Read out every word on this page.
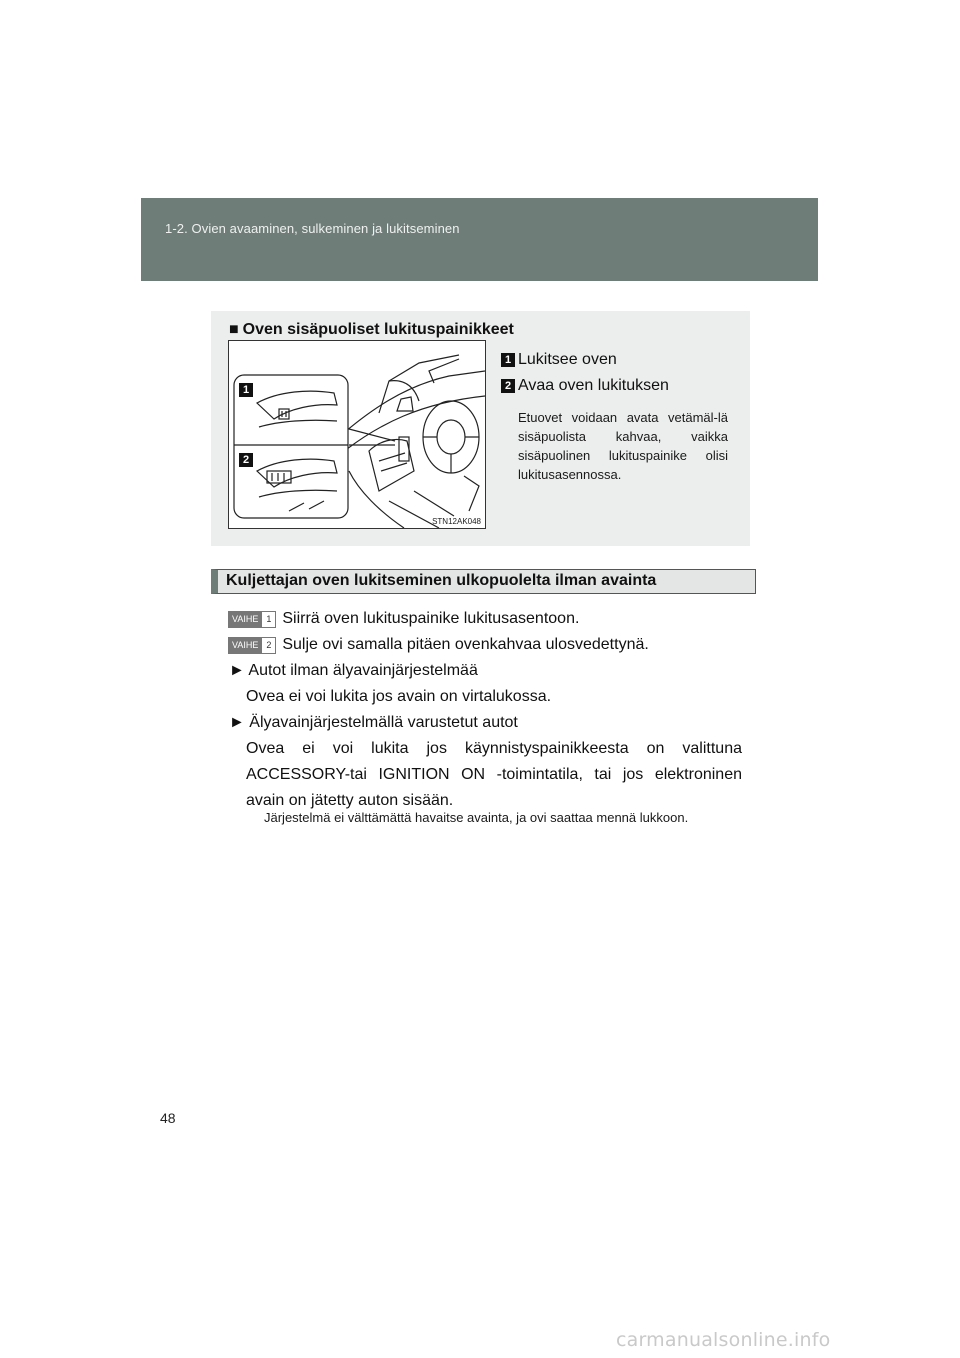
1-2. Ovien avaaminen, sulkeminen ja lukitseminen
■ Oven sisäpuoliset lukituspainikkeet
1
2
STN12AK048
1 Lukitsee oven
2 Avaa oven lukituksen
Etuovet voidaan avata vetämäl-lä sisäpuolista kahvaa, vaikka sisäpuolinen lukituspainike olisi lukitusasennossa.
Kuljettajan oven lukitseminen ulkopuolelta ilman avainta
VAIHE 1 Siirrä oven lukituspainike lukitusasentoon.
VAIHE 2 Sulje ovi samalla pitäen ovenkahvaa ulosvedettynä.
► Autot ilman älyavainjärjestelmää
Ovea ei voi lukita jos avain on virtalukossa.
► Älyavainjärjestelmällä varustetut autot
Ovea ei voi lukita jos käynnistyspainikkeesta on valittuna ACCESSORY-tai IGNITION ON -toimintatila, tai jos elektroninen avain on jätetty auton sisään.
Järjestelmä ei välttämättä havaitse avainta, ja ovi saattaa mennä lukkoon.
48
carmanualsonline.info
